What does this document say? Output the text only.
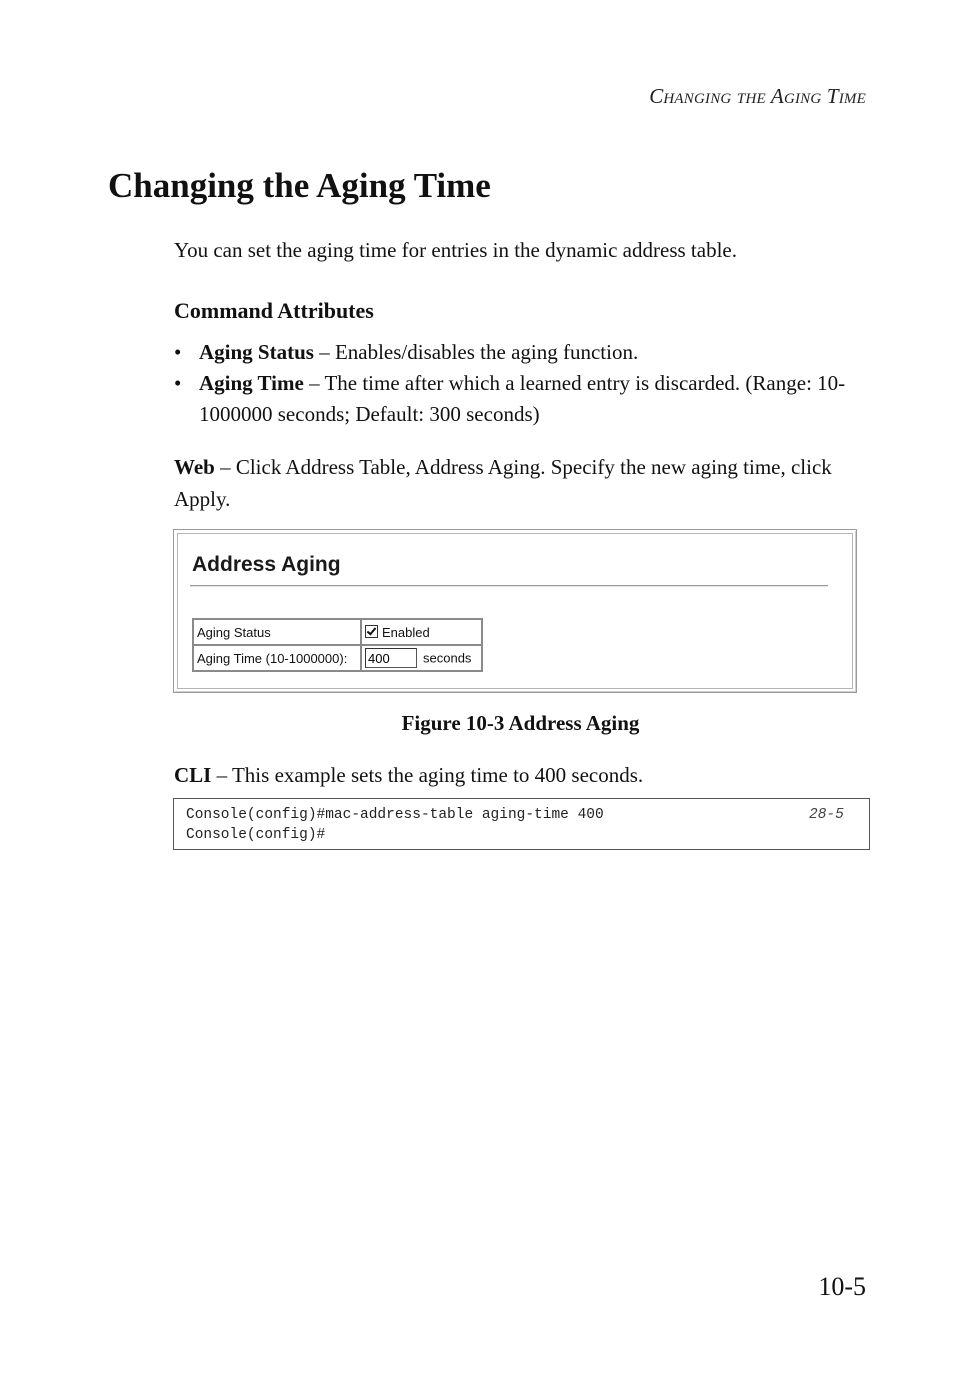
Changing the Aging Time
Changing the Aging Time

You can set the aging time for entries in the dynamic address table.

Command Attributes
• Aging Status – Enables/disables the aging function.
• Aging Time – The time after which a learned entry is discarded. (Range: 10-1000000 seconds; Default: 300 seconds)

Web – Click Address Table, Address Aging. Specify the new aging time, click Apply.

Address Aging
Aging Status	Enabled
Aging Time (10-1000000):	400seconds

Figure 10-3 Address Aging

CLI – This example sets the aging time to 400 seconds.

Console(config)#mac-address-table aging-time 400	28-5
Console(config)#
10-5
